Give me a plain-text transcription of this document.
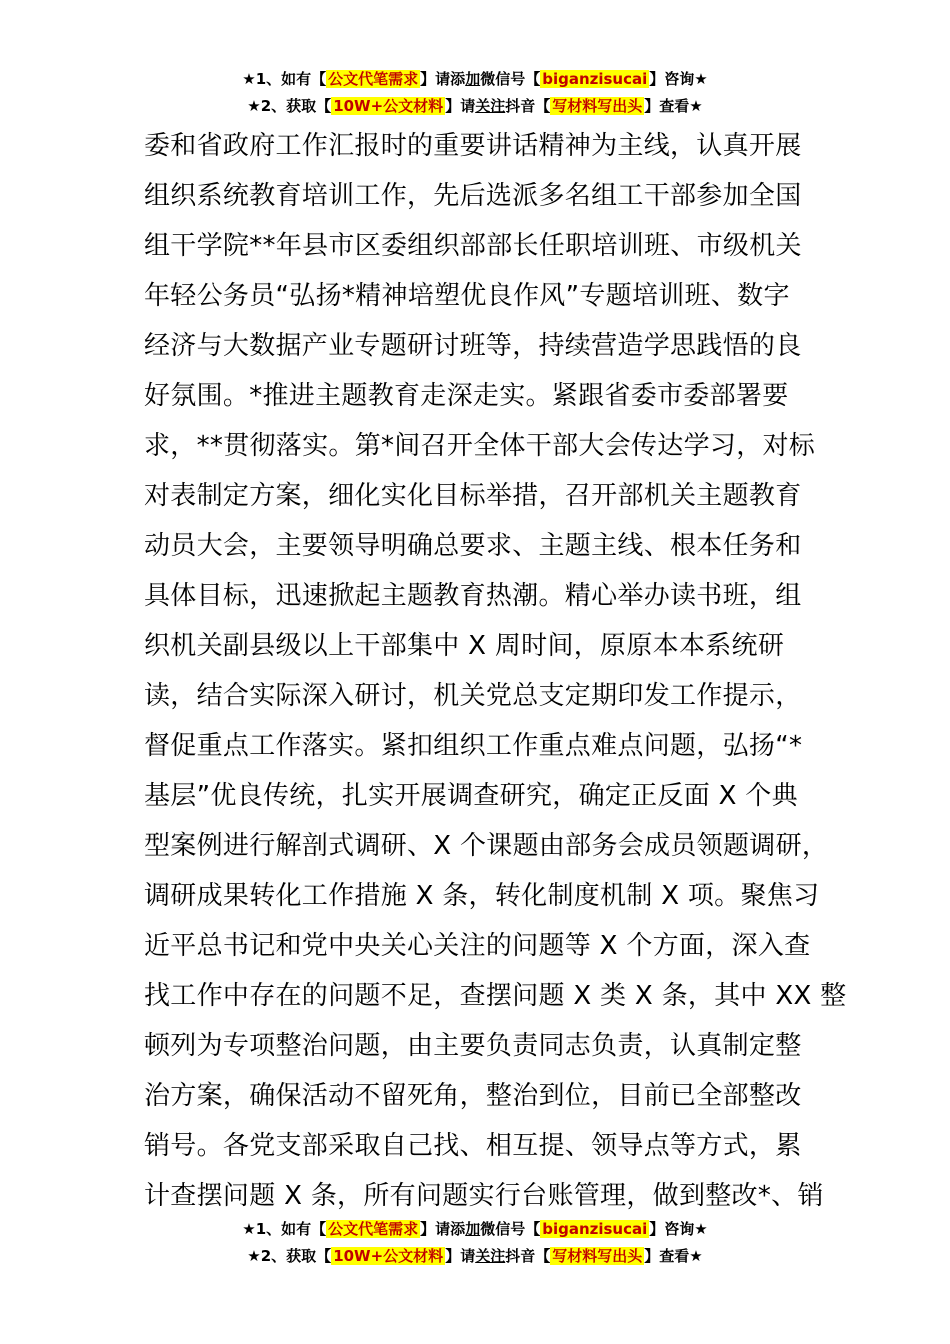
★1、如有【 公文代笔需求 】请添加微信号【 biganzisucai 】咨询★
★2、获取【 10W+公文材料 】请关注抖音【 写材料写出头 】查看★
委和省政府工作汇报时的重要讲话精神为主线，认真开展
组织系统教育培训工作，先后选派多名组工干部参加全国
组干学院**年县市区委组织部部长任职培训班、市级机关
年轻公务员“弘扬*精神培塑优良作风”专题培训班、数字
经济与大数据产业专题研讨班等，持续营造学思践悟的良
好氛围。*推进主题教育走深走实。紧跟省委市委部署要
求，**贯彻落实。第*间召开全体干部大会传达学习，对标
对表制定方案，细化实化目标举措，召开部机关主题教育
动员大会，主要领导明确总要求、主题主线、根本任务和
具体目标，迅速掀起主题教育热潮。精心举办读书班，组
织机关副县级以上干部集中 X 周时间，原原本本系统研
读，结合实际深入研讨，机关党总支定期印发工作提示，
督促重点工作落实。紧扣组织工作重点难点问题，弘扬“*
基层”优良传统，扎实开展调查研究，确定正反面 X 个典
型案例进行解剖式调研、X 个课题由部务会成员领题调研，
调研成果转化工作措施 X 条，转化制度机制 X 项。聚焦习
近平总书记和党中央关心关注的问题等 X 个方面，深入查
找工作中存在的问题不足，查摆问题 X 类 X 条，其中 XX 整
顿列为专项整治问题，由主要负责同志负责，认真制定整
治方案，确保活动不留死角，整治到位，目前已全部整改
销号。各党支部采取自己找、相互提、领导点等方式，累
计查摆问题 X 条，所有问题实行台账管理，做到整改*、销
★1、如有【 公文代笔需求 】请添加微信号【 biganzisucai 】咨询★
★2、获取【 10W+公文材料 】请关注抖音【 写材料写出头 】查看★
